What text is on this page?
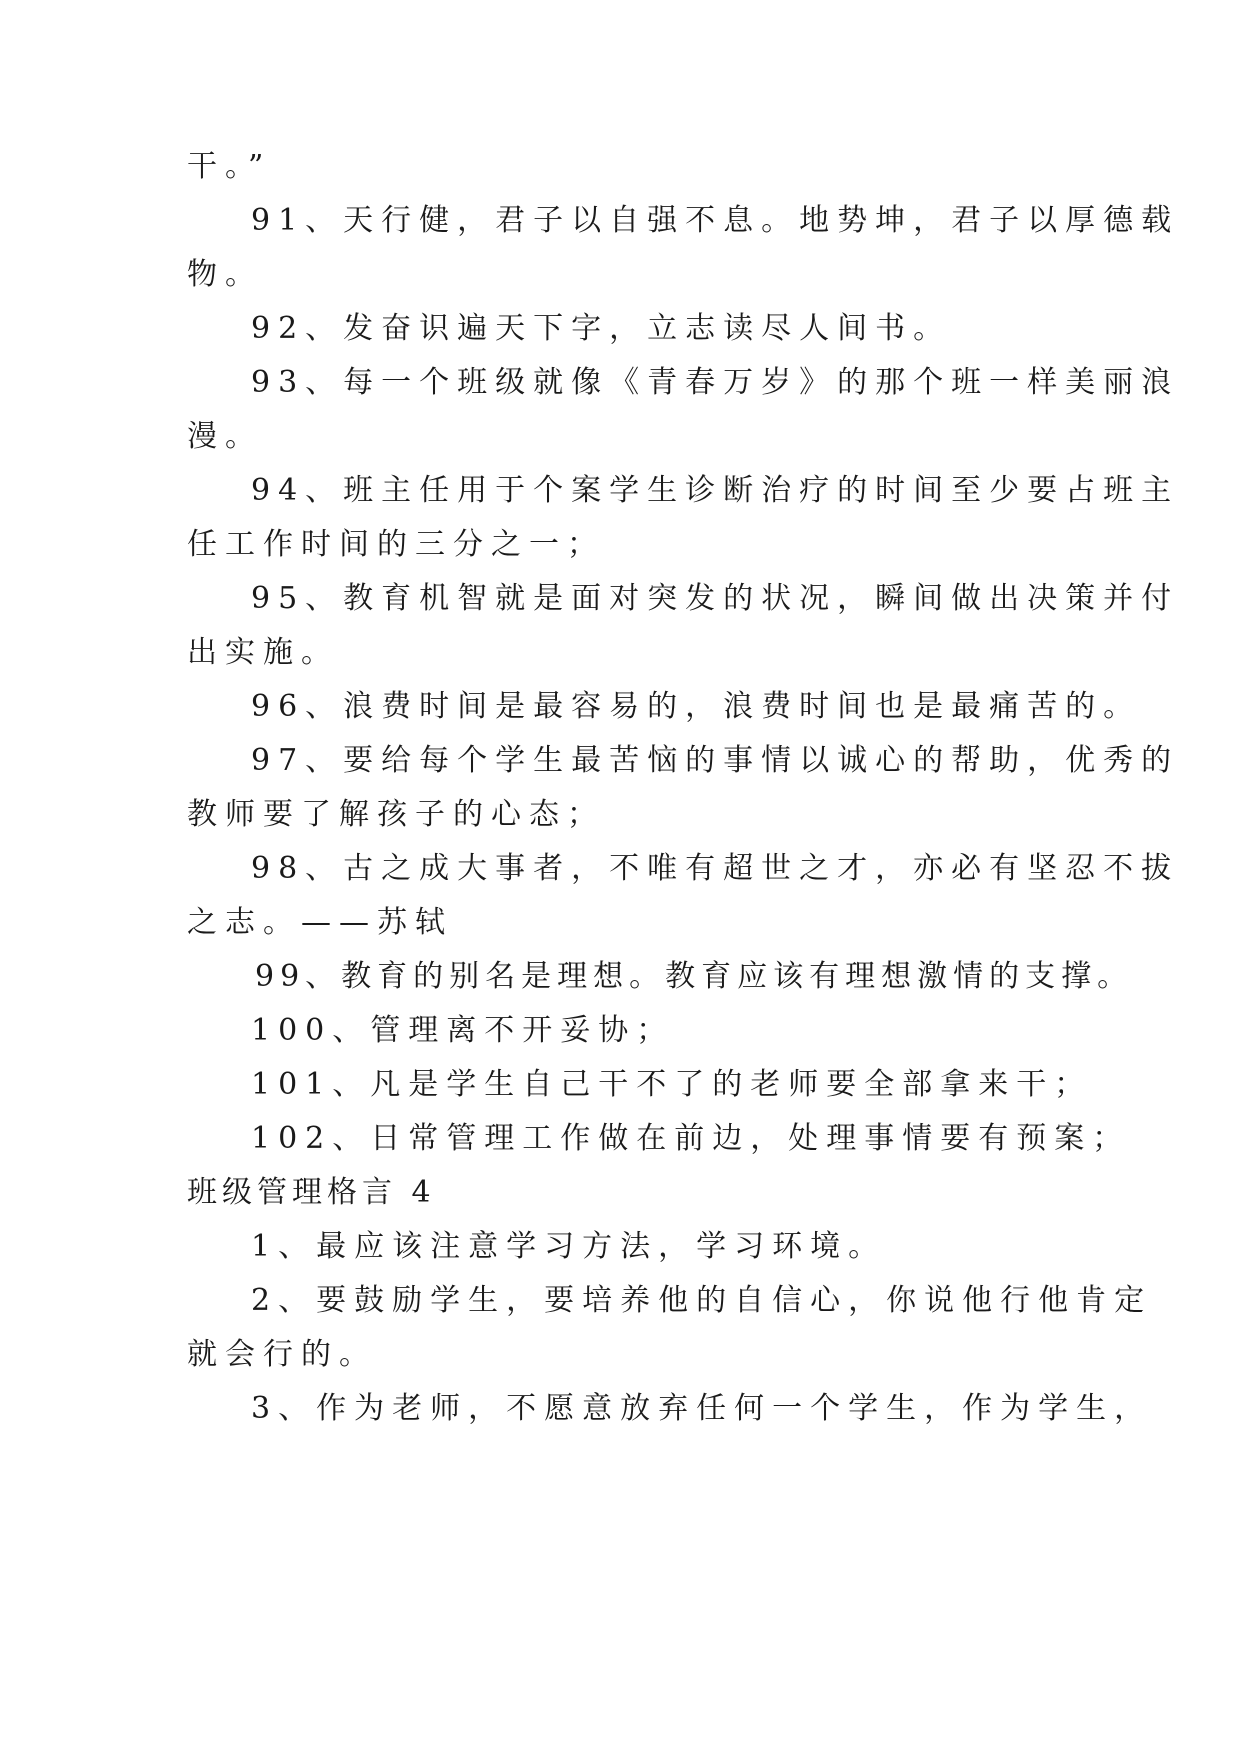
干。”

91、天行健，君子以自强不息。地势坤，君子以厚德载

物。

92、发奋识遍天下字，立志读尽人间书。

93、每一个班级就像《青春万岁》的那个班一样美丽浪

漫。

94、班主任用于个案学生诊断治疗的时间至少要占班主

任工作时间的三分之一；

95、教育机智就是面对突发的状况，瞬间做出决策并付

出实施。

96、浪费时间是最容易的，浪费时间也是最痛苦的。

97、要给每个学生最苦恼的事情以诚心的帮助，优秀的

教师要了解孩子的心态；

98、古之成大事者，不唯有超世之才，亦必有坚忍不拔

之志。——苏轼

99、教育的别名是理想。教育应该有理想激情的支撑。

100、管理离不开妥协；

101、凡是学生自己干不了的老师要全部拿来干；

102、日常管理工作做在前边，处理事情要有预案；

班级管理格言 4

1、最应该注意学习方法，学习环境。

2、要鼓励学生，要培养他的自信心，你说他行他肯定

就会行的。

3、作为老师，不愿意放弃任何一个学生，作为学生，
